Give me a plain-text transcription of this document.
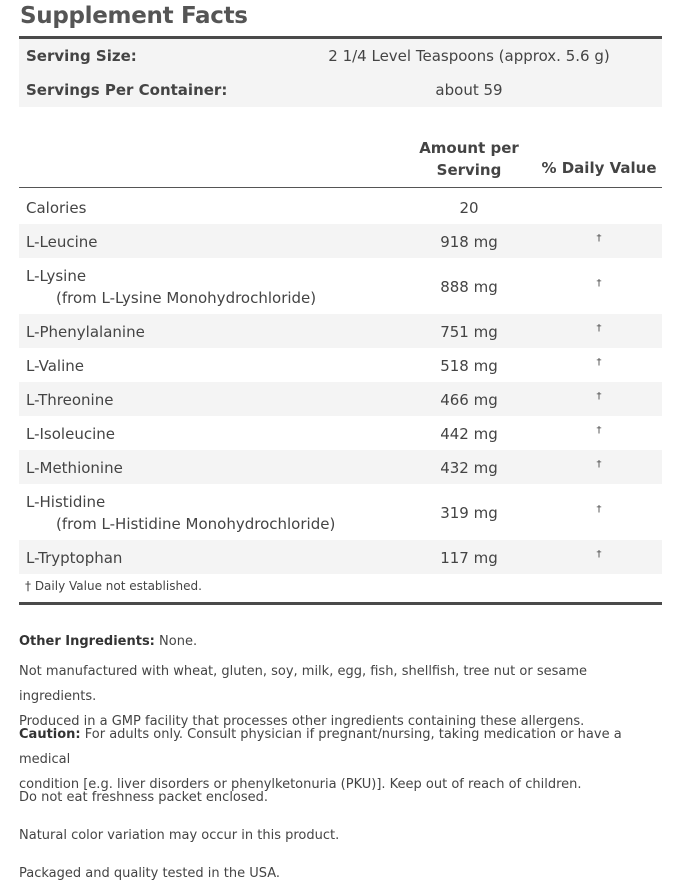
Supplement Facts
Serving Size:	2 1/4 Level Teaspoons (approx. 5.6 g)
Servings Per Container:	about 59
Amount per
Serving	% Daily Value
Calories	20
L-Leucine	918 mg	†
L-Lysine
(from L-Lysine Monohydrochloride)
888 mg	†
L-Phenylalanine	751 mg	†
L-Valine	518 mg	†
L-Threonine	466 mg	†
L-Isoleucine	442 mg	†
L-Methionine	432 mg	†
L-Histidine
(from L-Histidine Monohydrochloride)
319 mg	†
L-Tryptophan	117 mg	†
† Daily Value not established.
Other Ingredients: None.
Not manufactured with wheat, gluten, soy, milk, egg, fish, shellfish, tree nut or sesame ingredients.
Produced in a GMP facility that processes other ingredients containing these allergens.
Caution: For adults only. Consult physician if pregnant/nursing, taking medication or have a medical
condition [e.g. liver disorders or phenylketonuria (PKU)]. Keep out of reach of children.
Do not eat freshness packet enclosed.
Natural color variation may occur in this product.
Packaged and quality tested in the USA.
